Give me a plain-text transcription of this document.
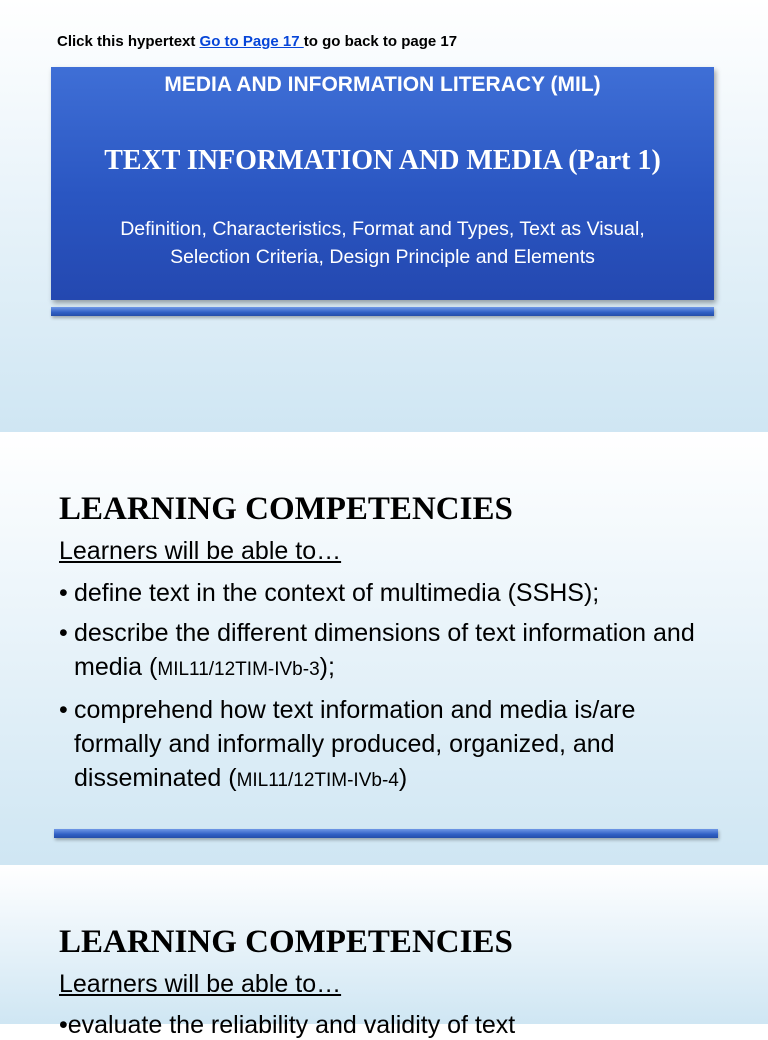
Click this hypertext Go to Page 17 to go back to page 17
MEDIA AND INFORMATION LITERACY (MIL)
TEXT INFORMATION AND MEDIA (Part 1)
Definition, Characteristics, Format and Types, Text as Visual,
Selection Criteria, Design Principle and Elements
LEARNING COMPETENCIES
Learners will be able to…
• define text in the context of multimedia (SSHS);
• describe the different dimensions of text information and media (MIL11/12TIM-IVb-3);
• comprehend how text information and media is/are formally and informally produced, organized, and disseminated (MIL11/12TIM-IVb-4)
LEARNING COMPETENCIES
Learners will be able to…
•evaluate the reliability and validity of text
